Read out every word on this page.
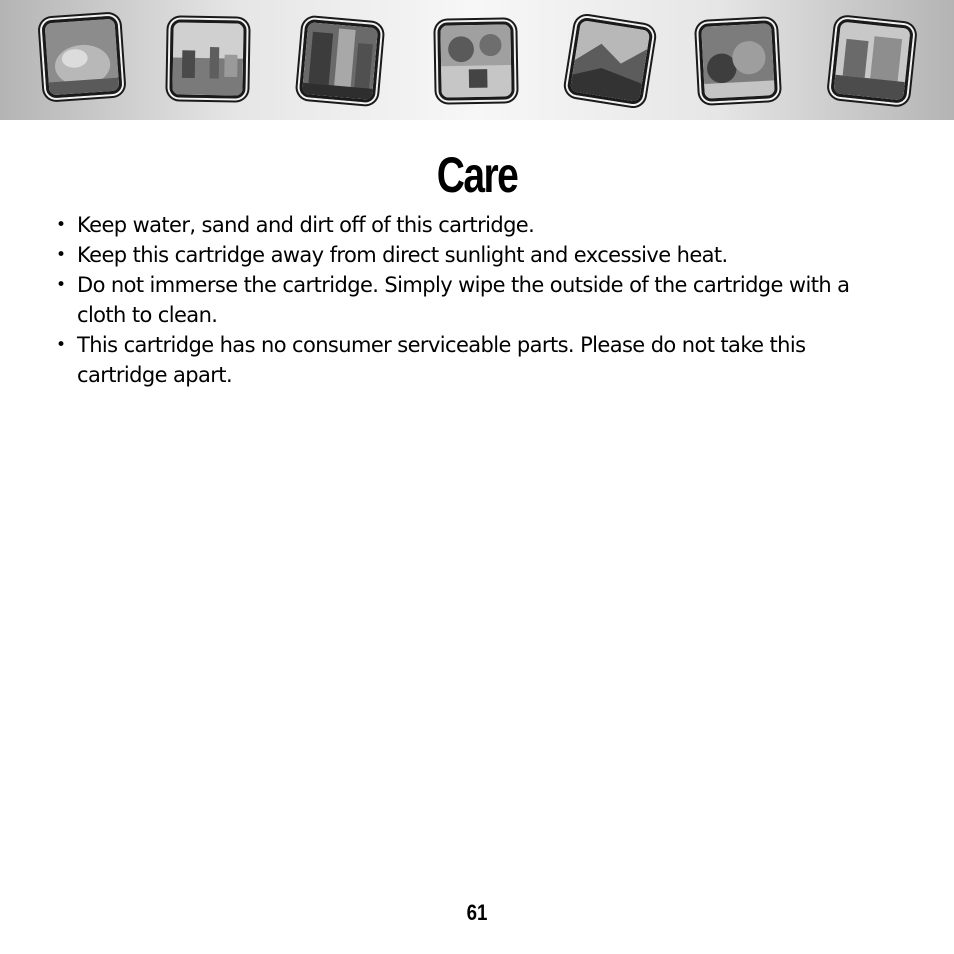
Care
• Keep water, sand and dirt off of this cartridge.
• Keep this cartridge away from direct sunlight and excessive heat.
• Do not immerse the cartridge. Simply wipe the outside of the cartridge with a cloth to clean.
• This cartridge has no consumer serviceable parts. Please do not take this cartridge apart.
61
